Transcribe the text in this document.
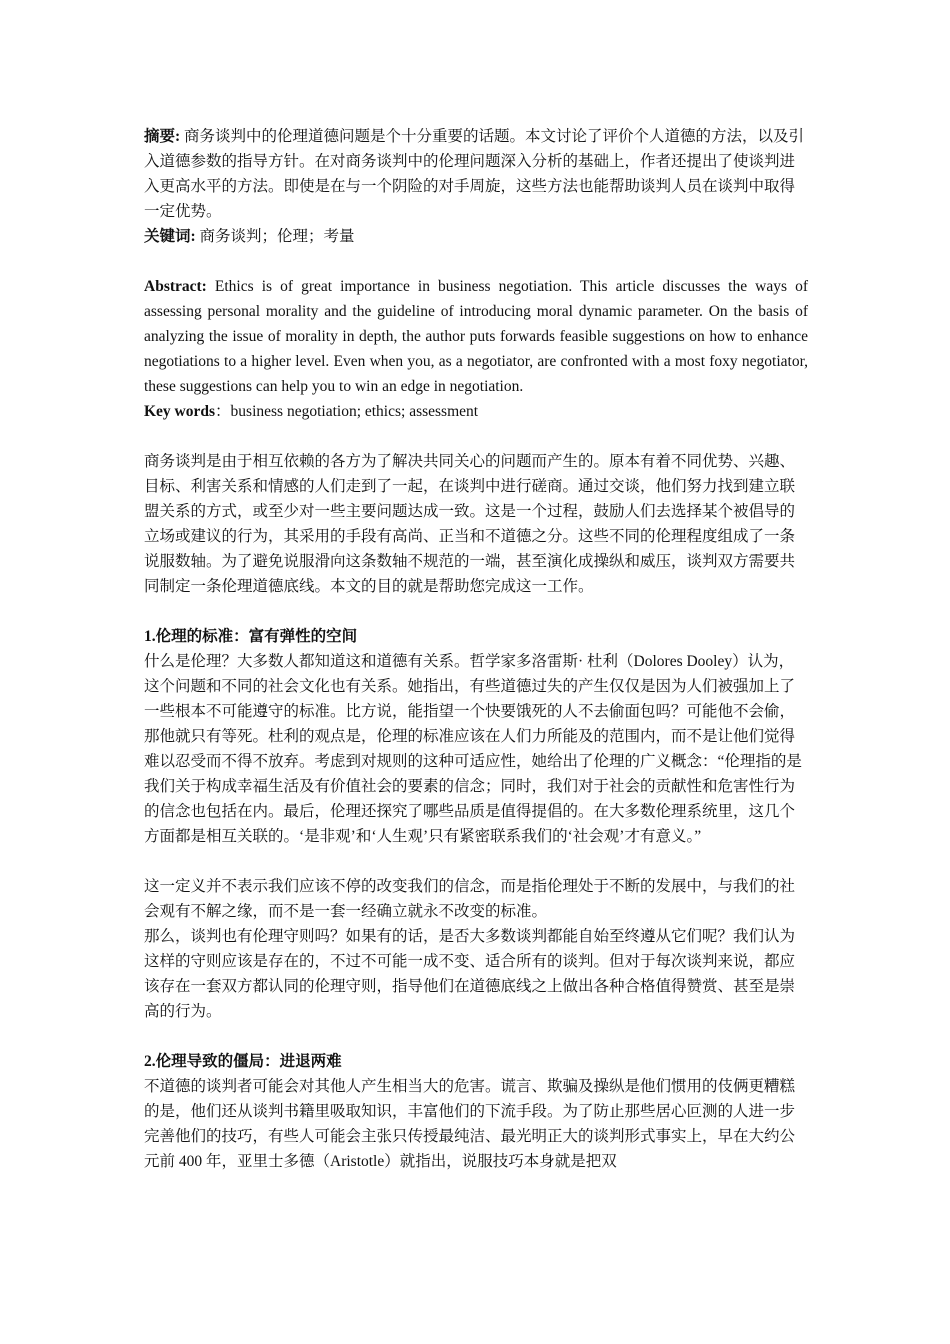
摘要: 商务谈判中的伦理道德问题是个十分重要的话题。本文讨论了评价个人道德的方法，以及引入道德参数的指导方针。在对商务谈判中的伦理问题深入分析的基础上，作者还提出了使谈判进入更高水平的方法。即使是在与一个阴险的对手周旋，这些方法也能帮助谈判人员在谈判中取得一定优势。

关键词: 商务谈判；伦理；考量

Abstract: Ethics is of great importance in business negotiation. This article discusses the ways of assessing personal morality and the guideline of introducing moral dynamic parameter. On the basis of analyzing the issue of morality in depth, the author puts forwards feasible suggestions on how to enhance negotiations to a higher level. Even when you, as a negotiator, are confronted with a most foxy negotiator, these suggestions can help you to win an edge in negotiation.

Key words：business negotiation; ethics; assessment

商务谈判是由于相互依赖的各方为了解决共同关心的问题而产生的。原本有着不同优势、兴趣、目标、利害关系和情感的人们走到了一起，在谈判中进行磋商。通过交谈，他们努力找到建立联盟关系的方式，或至少对一些主要问题达成一致。这是一个过程，鼓励人们去选择某个被倡导的立场或建议的行为，其采用的手段有高尚、正当和不道德之分。这些不同的伦理程度组成了一条说服数轴。为了避免说服滑向这条数轴不规范的一端，甚至演化成操纵和威压，谈判双方需要共同制定一条伦理道德底线。本文的目的就是帮助您完成这一工作。

1.伦理的标准：富有弹性的空间

什么是伦理？大多数人都知道这和道德有关系。哲学家多洛雷斯· 杜利（Dolores Dooley）认为，这个问题和不同的社会文化也有关系。她指出，有些道德过失的产生仅仅是因为人们被强加上了一些根本不可能遵守的标准。比方说，能指望一个快要饿死的人不去偷面包吗？可能他不会偷，那他就只有等死。杜利的观点是，伦理的标准应该在人们力所能及的范围内，而不是让他们觉得难以忍受而不得不放弃。考虑到对规则的这种可适应性，她给出了伦理的广义概念：“伦理指的是我们关于构成幸福生活及有价值社会的要素的信念；同时，我们对于社会的贡献性和危害性行为的信念也包括在内。最后，伦理还探究了哪些品质是值得提倡的。在大多数伦理系统里，这几个方面都是相互关联的。‘是非观’和‘人生观’只有紧密联系我们的‘社会观’才有意义。”

这一定义并不表示我们应该不停的改变我们的信念，而是指伦理处于不断的发展中，与我们的社会观有不解之缘，而不是一套一经确立就永不改变的标准。

那么，谈判也有伦理守则吗？如果有的话，是否大多数谈判都能自始至终遵从它们呢？我们认为这样的守则应该是存在的，不过不可能一成不变、适合所有的谈判。但对于每次谈判来说，都应该存在一套双方都认同的伦理守则，指导他们在道德底线之上做出各种合格值得赞赏、甚至是崇高的行为。

2.伦理导致的僵局：进退两难

不道德的谈判者可能会对其他人产生相当大的危害。谎言、欺骗及操纵是他们惯用的伎俩更糟糕的是，他们还从谈判书籍里吸取知识，丰富他们的下流手段。为了防止那些居心叵测的人进一步完善他们的技巧，有些人可能会主张只传授最纯洁、最光明正大的谈判形式事实上，早在大约公元前 400 年，亚里士多德（Aristotle）就指出，说服技巧本身就是把双
